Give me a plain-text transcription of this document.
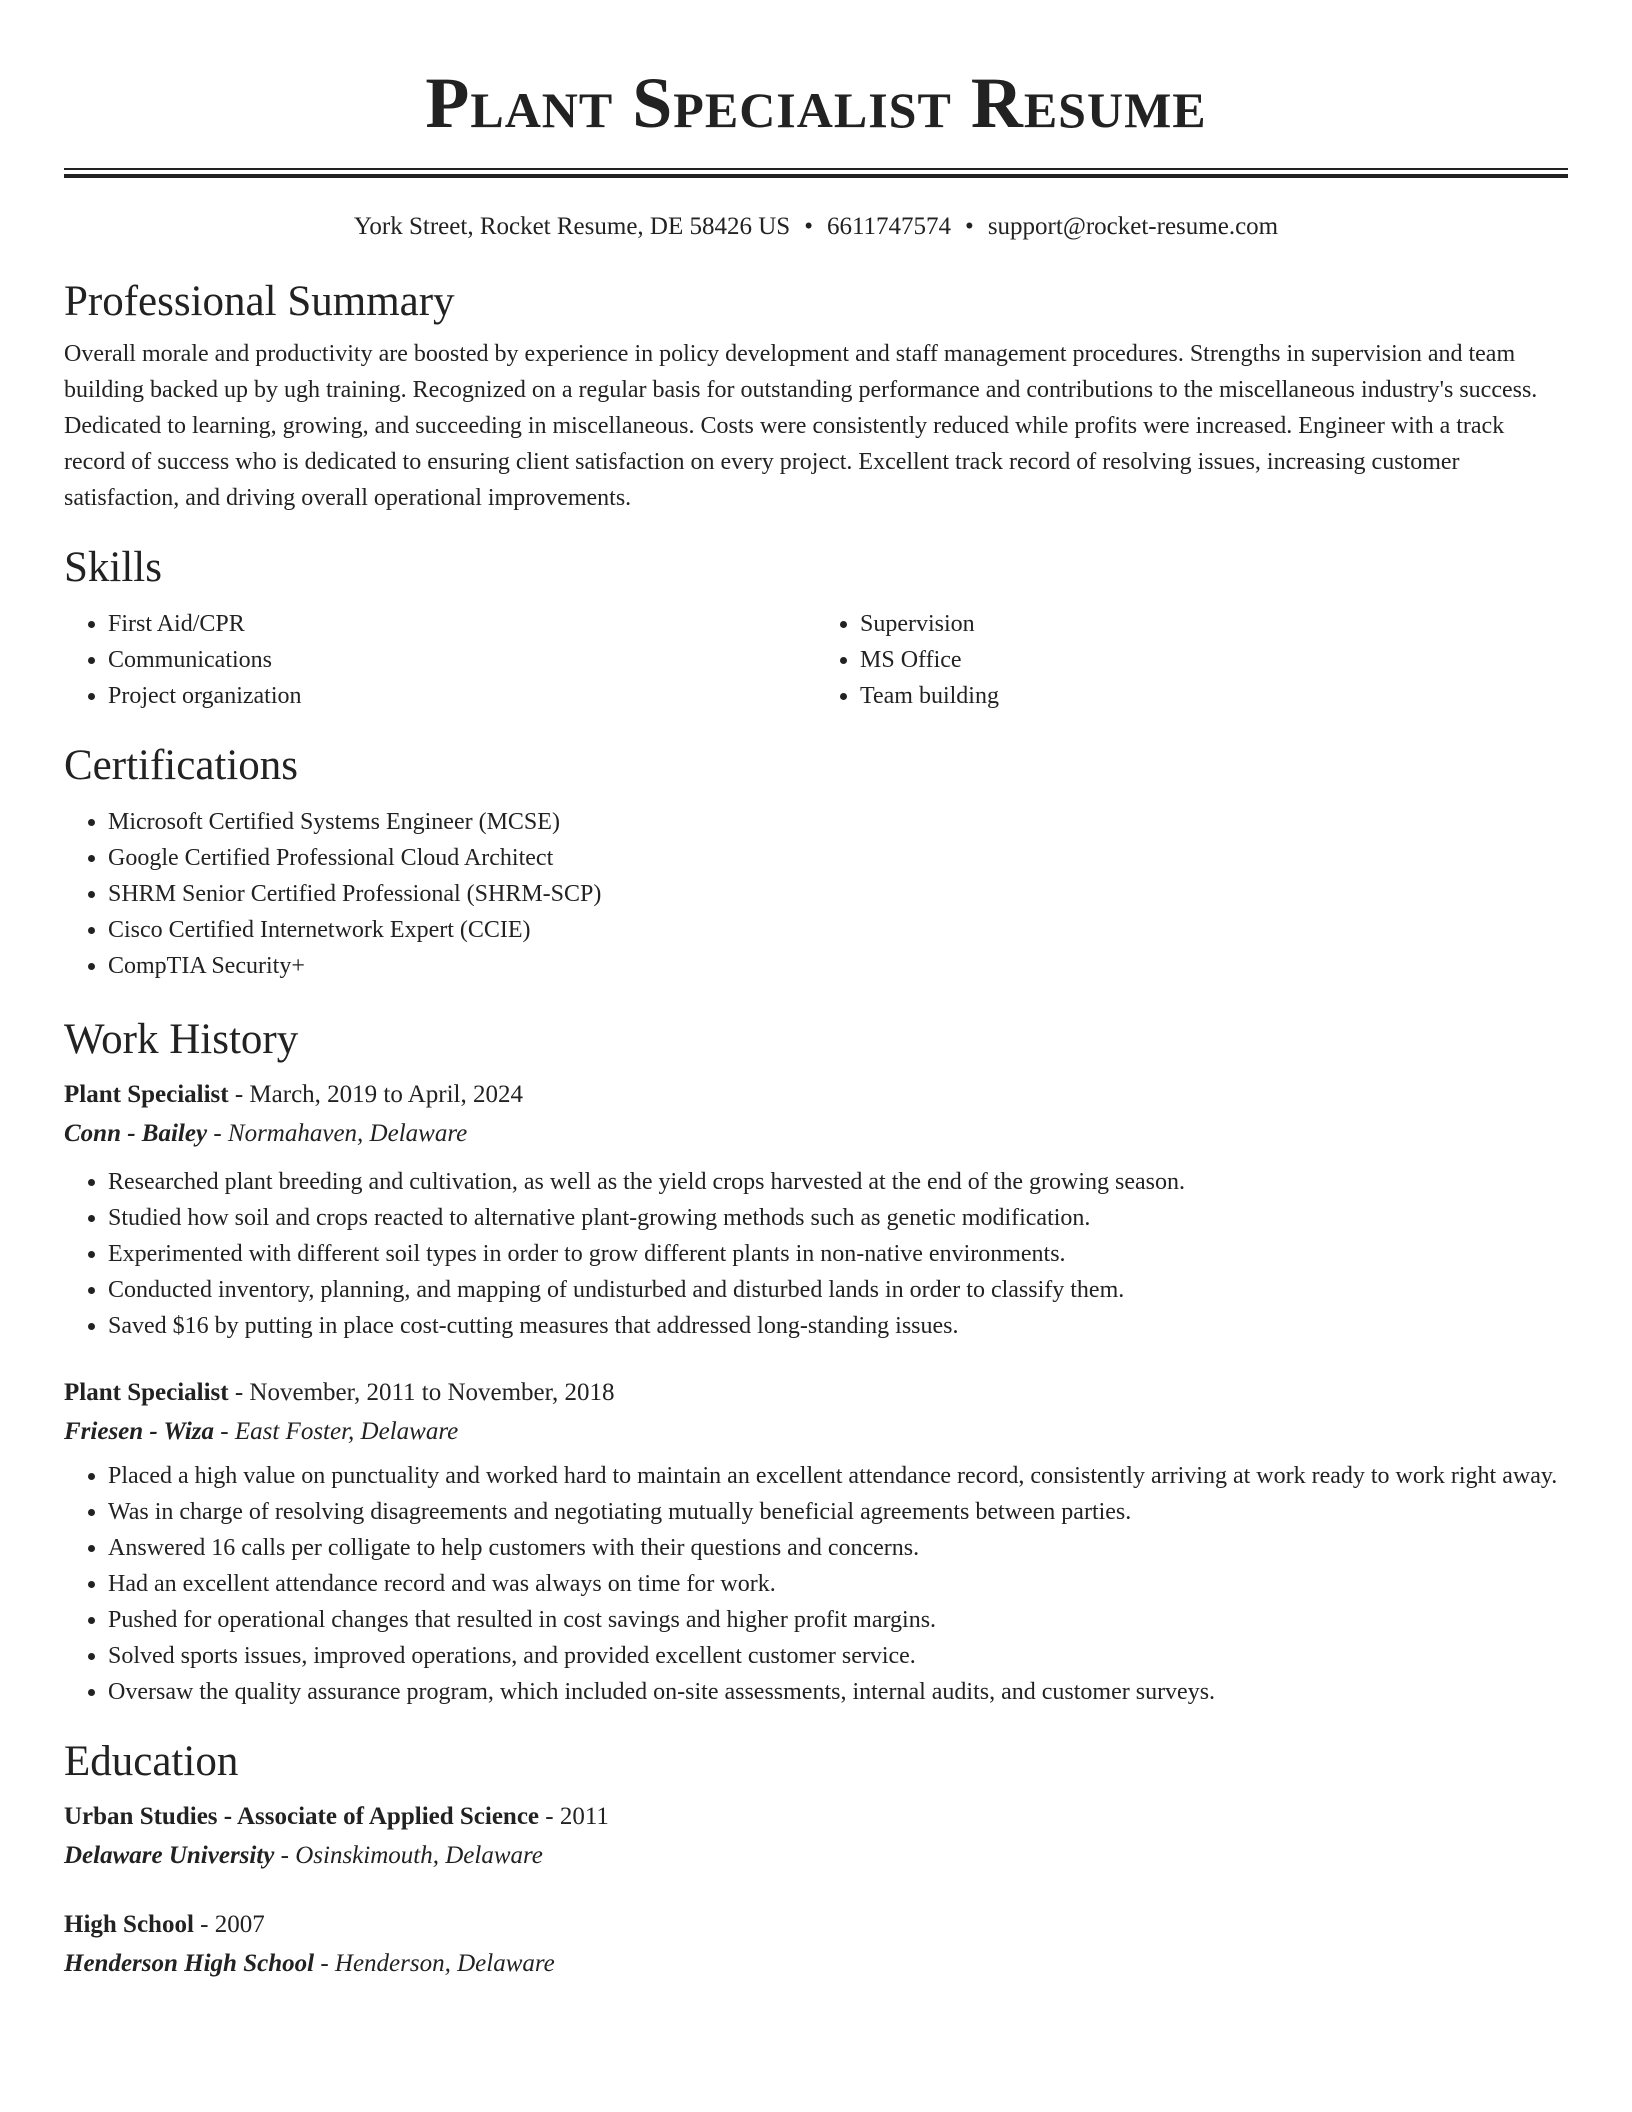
Plant Specialist Resume
York Street, Rocket Resume, DE 58426 US • 6611747574 • support@rocket-resume.com
Professional Summary

Overall morale and productivity are boosted by experience in policy development and staff management procedures. Strengths in supervision and team building backed up by ugh training. Recognized on a regular basis for outstanding performance and contributions to the miscellaneous industry's success. Dedicated to learning, growing, and succeeding in miscellaneous. Costs were consistently reduced while profits were increased. Engineer with a track record of success who is dedicated to ensuring client satisfaction on every project. Excellent track record of resolving issues, increasing customer satisfaction, and driving overall operational improvements.

Skills
• First Aid/CPR
• Communications
• Project organization
• Supervision
• MS Office
• Team building
Certifications
• Microsoft Certified Systems Engineer (MCSE)
• Google Certified Professional Cloud Architect
• SHRM Senior Certified Professional (SHRM-SCP)
• Cisco Certified Internetwork Expert (CCIE)
• CompTIA Security+
Work History
Plant Specialist - March, 2019 to April, 2024
Conn - Bailey - Normahaven, Delaware
• Researched plant breeding and cultivation, as well as the yield crops harvested at the end of the growing season.
• Studied how soil and crops reacted to alternative plant-growing methods such as genetic modification.
• Experimented with different soil types in order to grow different plants in non-native environments.
• Conducted inventory, planning, and mapping of undisturbed and disturbed lands in order to classify them.
• Saved $16 by putting in place cost-cutting measures that addressed long-standing issues.
Plant Specialist - November, 2011 to November, 2018
Friesen - Wiza - East Foster, Delaware
• Placed a high value on punctuality and worked hard to maintain an excellent attendance record, consistently arriving at work ready to work right away.
• Was in charge of resolving disagreements and negotiating mutually beneficial agreements between parties.
• Answered 16 calls per colligate to help customers with their questions and concerns.
• Had an excellent attendance record and was always on time for work.
• Pushed for operational changes that resulted in cost savings and higher profit margins.
• Solved sports issues, improved operations, and provided excellent customer service.
• Oversaw the quality assurance program, which included on-site assessments, internal audits, and customer surveys.
Education
Urban Studies - Associate of Applied Science - 2011
Delaware University - Osinskimouth, Delaware
High School - 2007
Henderson High School - Henderson, Delaware
